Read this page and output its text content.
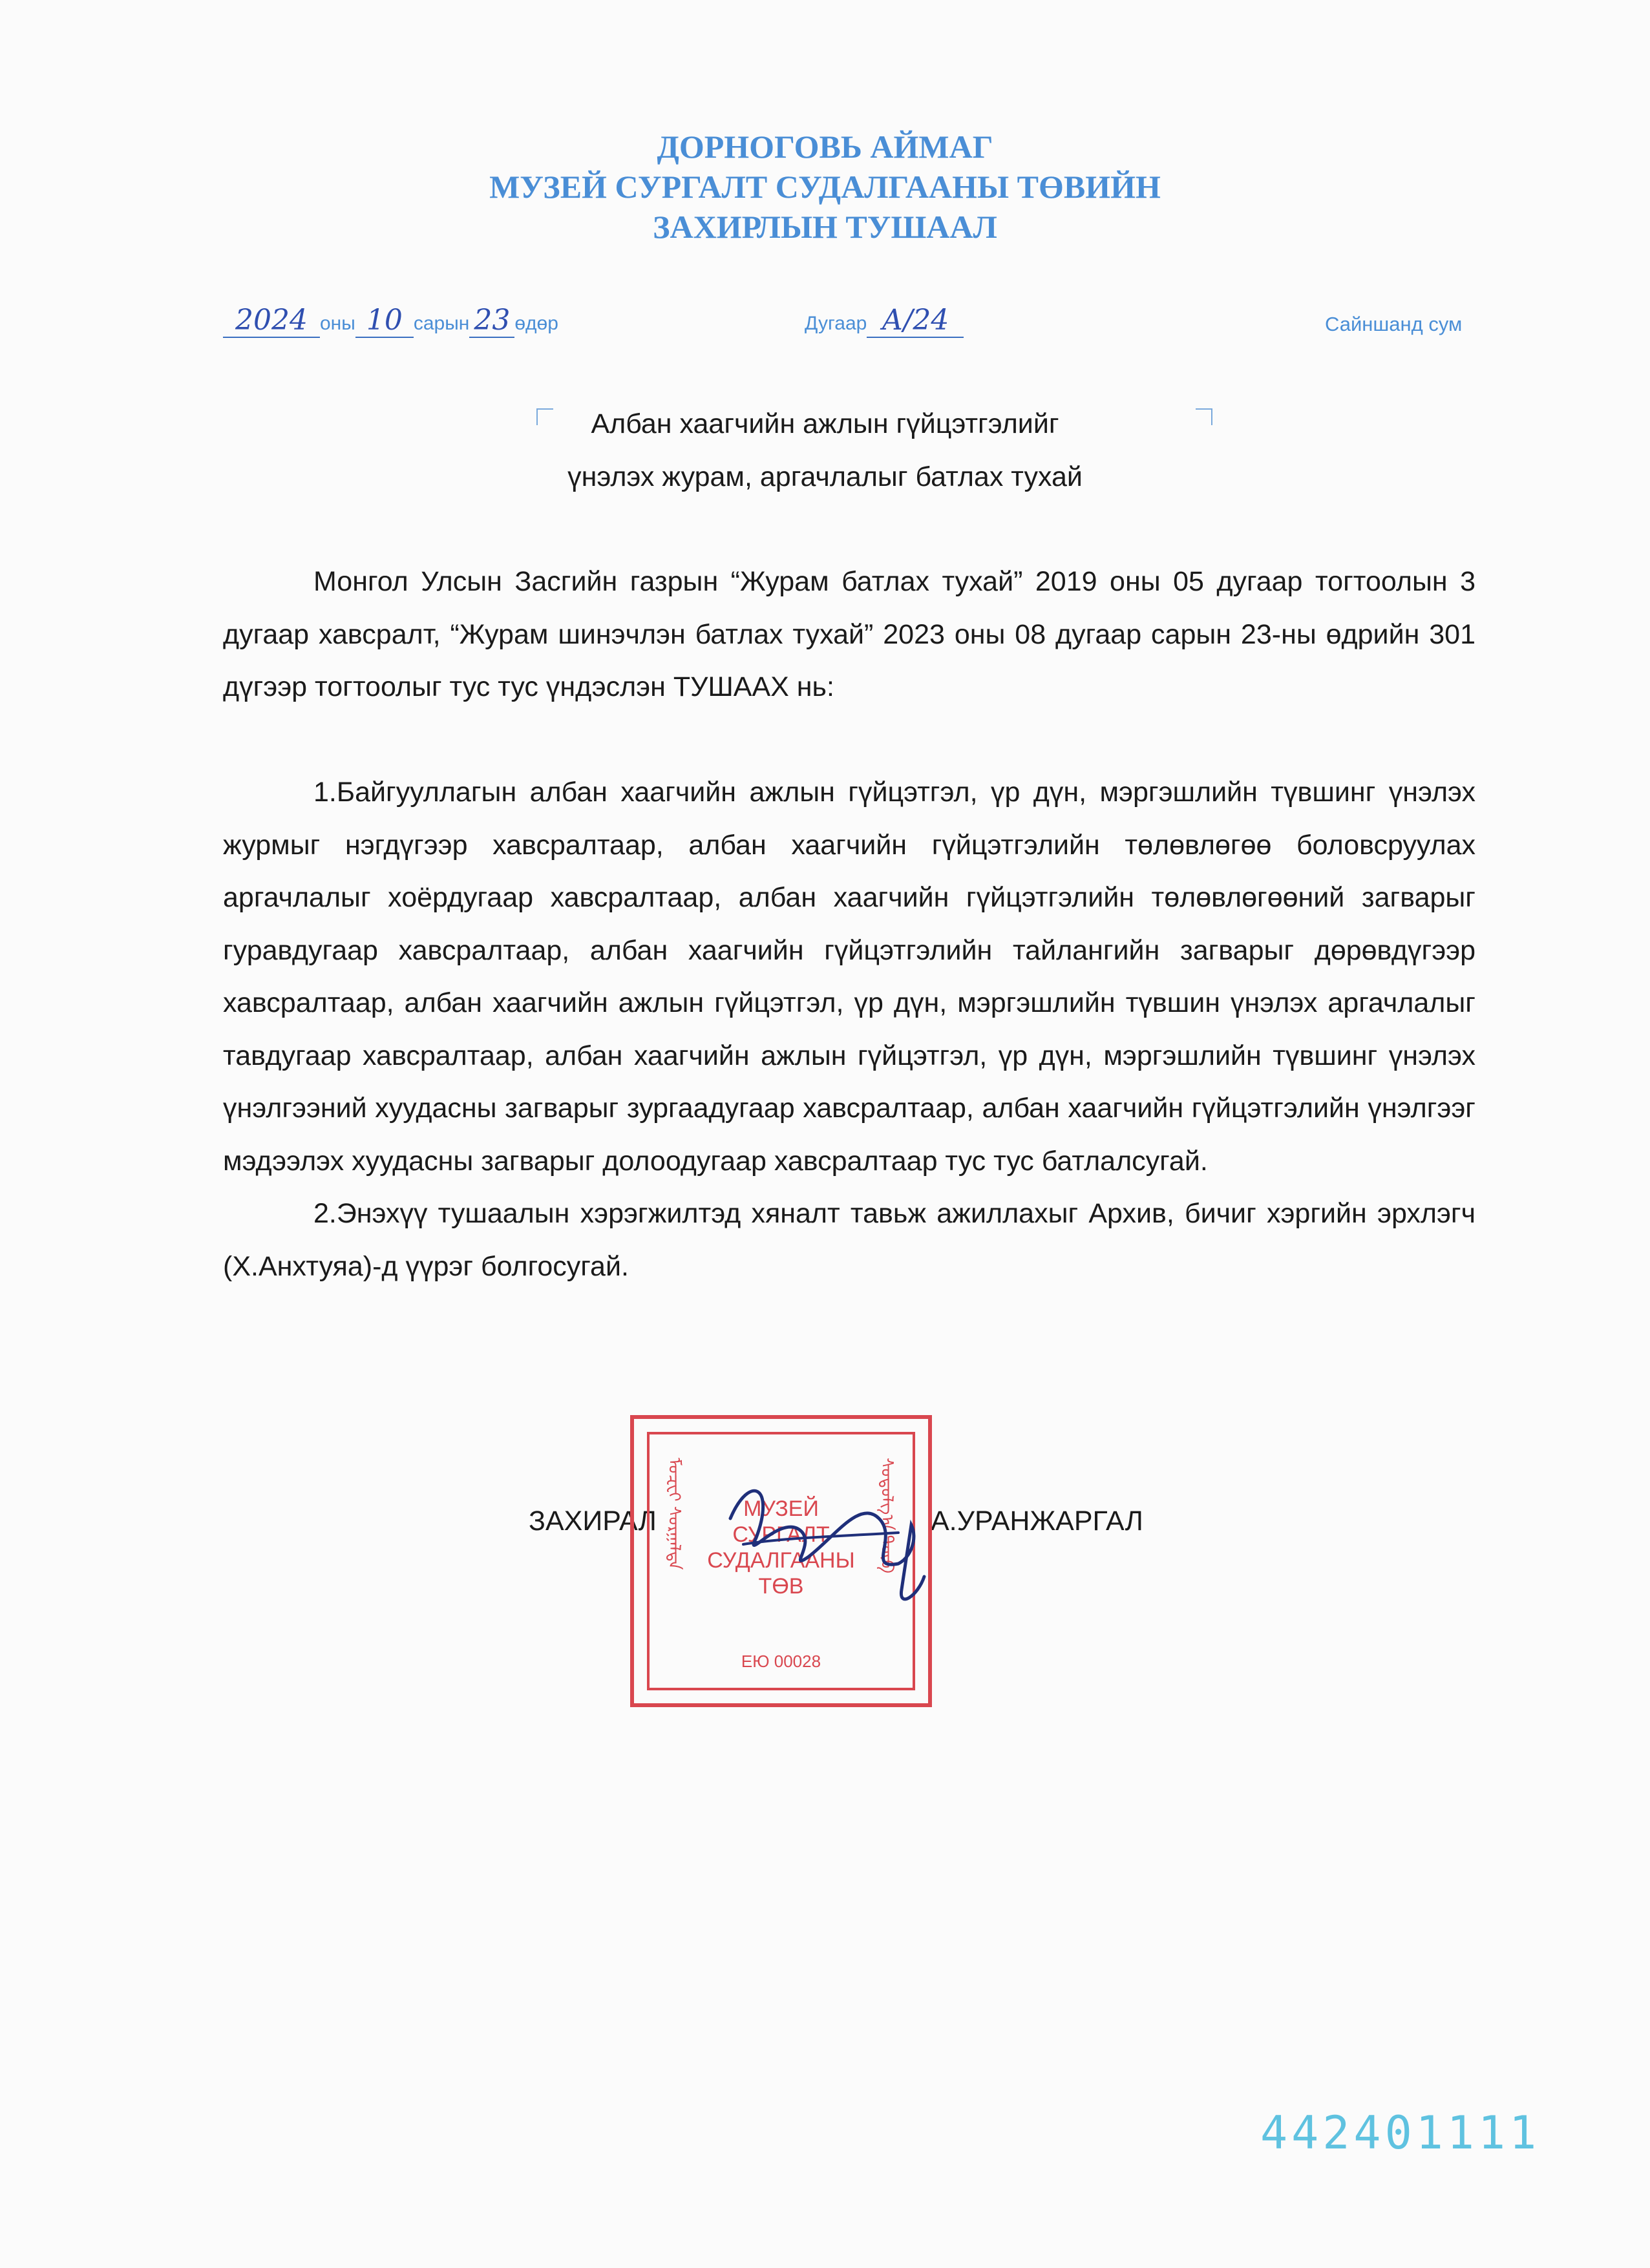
ДОРНОГОВЬ АЙМАГ
МУЗЕЙ СУРГАЛТ СУДАЛГААНЫ ТӨВИЙН
ЗАХИРЛЫН ТУШААЛ
2024 оны 10 сарын 23 өдөр	Дугаар А/24	Сайншанд сум
Албан хаагчийн ажлын гүйцэтгэлийг
үнэлэх журам, аргачлалыг батлах тухай

Монгол Улсын Засгийн газрын “Журам батлах тухай” 2019 оны 05 дугаар тогтоолын 3 дугаар хавсралт, “Журам шинэчлэн батлах тухай” 2023 оны 08 дугаар сарын 23-ны өдрийн 301 дүгээр тогтоолыг тус тус үндэслэн ТУШААХ нь:

1.Байгууллагын албан хаагчийн ажлын гүйцэтгэл, үр дүн, мэргэшлийн түвшинг үнэлэх журмыг нэгдүгээр хавсралтаар, албан хаагчийн гүйцэтгэлийн төлөвлөгөө боловсруулах аргачлалыг хоёрдугаар хавсралтаар, албан хаагчийн гүйцэтгэлийн төлөвлөгөөний загварыг гуравдугаар хавсралтаар, албан хаагчийн гүйцэтгэлийн тайлангийн загварыг дөрөвдүгээр хавсралтаар, албан хаагчийн ажлын гүйцэтгэл, үр дүн, мэргэшлийн түвшин үнэлэх аргачлалыг тавдугаар хавсралтаар, албан хаагчийн ажлын гүйцэтгэл, үр дүн, мэргэшлийн түвшинг үнэлэх үнэлгээний хуудасны загварыг зургаадугаар хавсралтаар, албан хаагчийн гүйцэтгэлийн үнэлгээг мэдээлэх хуудасны загварыг долоодугаар хавсралтаар тус тус батлалсугай.

2.Энэхүү тушаалын хэрэгжилтэд хяналт тавьж ажиллахыг Архив, бичиг хэргийн эрхлэгч (Х.Анхтуяа)-д үүрэг болгосугай.

ЗАХИРАЛ	А.УРАНЖАРГАЛ
ᠮᠤᠽᠧᠢ ᠰᠤᠷᠭᠠᠯᠲᠠ	ᠰᠤᠳᠤᠯᠭ᠎ᠠ ᠲᠥᠪ
МУЗЕЙ
СУРГАЛТ
СУДАЛГААНЫ
ТӨВ
ЕЮ 00028
442401111
